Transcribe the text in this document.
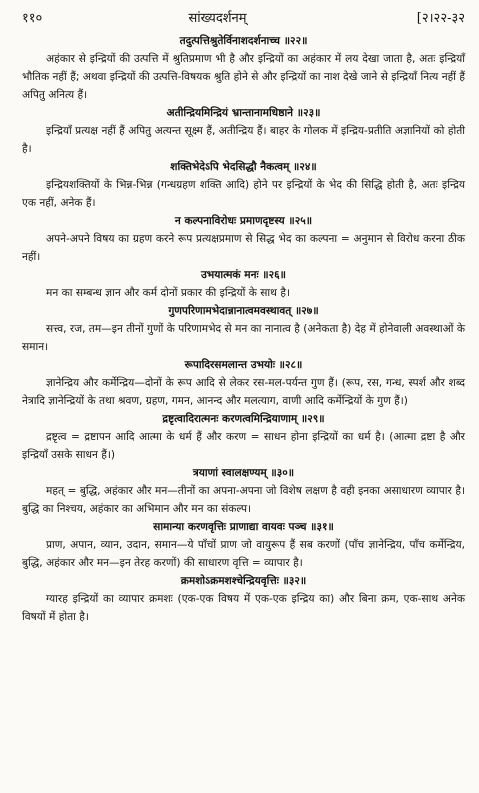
११०	सांख्यदर्शनम्	[२।२२-३२
तदुत्पत्तिश्रुतेर्विनाशदर्शनाच्च ॥२२॥
अहंकार से इन्द्रियों की उत्पत्ति में श्रुतिप्रमाण भी है और इन्द्रियों का अहंकार में लय देखा जाता है, अतः इन्द्रियाँ भौतिक नहीं हैं; अथवा इन्द्रियों की उत्पत्ति-विषयक श्रुति होने से और इन्द्रियों का नाश देखे जाने से इन्द्रियाँ नित्य नहीं हैं अपितु अनित्य हैं।
अतीन्द्रियमिन्द्रियं भ्रान्तानामधिष्ठाने ॥२३॥
इन्द्रियाँ प्रत्यक्ष नहीं हैं अपितु अत्यन्त सूक्ष्म हैं, अतीन्द्रिय हैं। बाहर के गोलक में इन्द्रिय-प्रतीति अज्ञानियों को होती है।
शक्तिभेदेऽपि भेदसिद्धौ नैकत्वम् ॥२४॥
इन्द्रियशक्तियों के भिन्न-भिन्न (गन्धग्रहण शक्ति आदि) होने पर इन्द्रियों के भेद की सिद्धि होती है, अतः इन्द्रिय एक नहीं, अनेक हैं।
न कल्पनाविरोधः प्रमाणदृष्टस्य ॥२५॥
अपने-अपने विषय का ग्रहण करने रूप प्रत्यक्षप्रमाण से सिद्ध भेद का कल्पना = अनुमान से विरोध करना ठीक नहीं।
उभयात्मकं मनः ॥२६॥
मन का सम्बन्ध ज्ञान और कर्म दोनों प्रकार की इन्द्रियों के साथ है।
गुणपरिणामभेदान्नानात्वमवस्थावत् ॥२७॥
सत्त्व, रज, तम—इन तीनों गुणों के परिणामभेद से मन का नानात्व है (अनेकता है) देह में होनेवाली अवस्थाओं के समान।
रूपादिरसमलान्त उभयोः ॥२८॥
ज्ञानेन्द्रिय और कर्मेन्द्रिय—दोनों के रूप आदि से लेकर रस-मल-पर्यन्त गुण हैं। (रूप, रस, गन्ध, स्पर्श और शब्द नेत्रादि ज्ञानेन्द्रियों के तथा श्रवण, ग्रहण, गमन, आनन्द और मलत्याग, वाणी आदि कर्मेन्द्रियों के गुण हैं।)
द्रष्टृत्वादिरात्मनः करणत्वमिन्द्रियाणाम् ॥२९॥
द्रष्टृत्व = द्रष्टापन आदि आत्मा के धर्म हैं और करण = साधन होना इन्द्रियों का धर्म है। (आत्मा द्रष्टा है और इन्द्रियाँ उसके साधन हैं।)
त्रयाणां स्वालक्षण्यम् ॥३०॥
महत् = बुद्धि, अहंकार और मन—तीनों का अपना-अपना जो विशेष लक्षण है वही इनका असाधारण व्यापार है। बुद्धि का निश्चय, अहंकार का अभिमान और मन का संकल्प।
सामान्या करणवृत्तिः प्राणाद्या वायवः पञ्च ॥३१॥
प्राण, अपान, व्यान, उदान, समान—ये पाँचों प्राण जो वायुरूप हैं सब करणों (पाँच ज्ञानेन्द्रिय, पाँच कर्मेन्द्रिय, बुद्धि, अहंकार और मन—इन तेरह करणों) की साधारण वृत्ति = व्यापार है।
क्रमशोऽक्रमशश्चेन्द्रियवृत्तिः ॥३२॥
ग्यारह इन्द्रियों का व्यापार क्रमशः (एक-एक विषय में एक-एक इन्द्रिय का) और बिना क्रम, एक-साथ अनेक विषयों में होता है।
